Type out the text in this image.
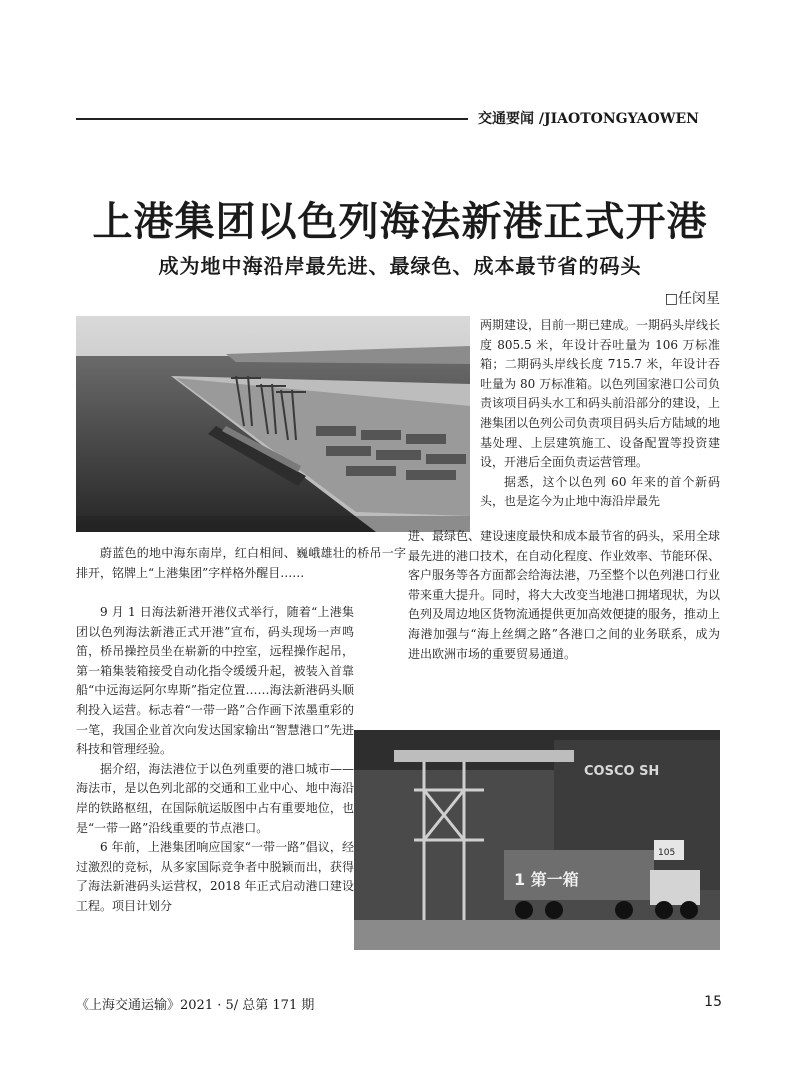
交通要闻 /JIAOTONGYAOWEN
上港集团以色列海法新港正式开港
成为地中海沿岸最先进、最绿色、成本最节省的码头
□任闵星

蔚蓝色的地中海东南岸，红白相间、巍峨雄壮的桥吊一字排开，铭牌上“上港集团”字样格外醒目……

9 月 1 日海法新港开港仪式举行，随着“上港集团以色列海法新港正式开港”宣布，码头现场一声鸣笛，桥吊操控员坐在崭新的中控室，远程操作起吊，第一箱集装箱接受自动化指令缓缓升起，被装入首靠船“中远海运阿尔卑斯”指定位置……海法新港码头顺利投入运营。标志着“一带一路”合作画下浓墨重彩的一笔，我国企业首次向发达国家输出“智慧港口”先进科技和管理经验。

据介绍，海法港位于以色列重要的港口城市——海法市，是以色列北部的交通和工业中心、地中海沿岸的铁路枢纽，在国际航运版图中占有重要地位，也是“一带一路”沿线重要的节点港口。

6 年前，上港集团响应国家“一带一路”倡议，经过激烈的竞标，从多家国际竞争者中脱颖而出，获得了海法新港码头运营权，2018 年正式启动港口建设工程。项目计划分

两期建设，目前一期已建成。一期码头岸线长度 805.5 米，年设计吞吐量为 106 万标准箱；二期码头岸线长度 715.7 米，年设计吞吐量为 80 万标准箱。以色列国家港口公司负责该项目码头水工和码头前沿部分的建设，上港集团以色列公司负责项目码头后方陆域的地基处理、上层建筑施工、设备配置等投资建设，开港后全面负责运营管理。

据悉，这个以色列 60 年来的首个新码头，也是迄今为止地中海沿岸最先

进、最绿色、建设速度最快和成本最节省的码头，采用全球最先进的港口技术，在自动化程度、作业效率、节能环保、客户服务等各方面都会给海法港，乃至整个以色列港口行业带来重大提升。同时，将大大改变当地港口拥堵现状，为以色列及周边地区货物流通提供更加高效便捷的服务，推动上海港加强与“海上丝绸之路”各港口之间的业务联系，成为进出欧洲市场的重要贸易通道。

COSCO SH
1 第一箱
105
《上海交通运输》2021 · 5/ 总第 171 期	15
